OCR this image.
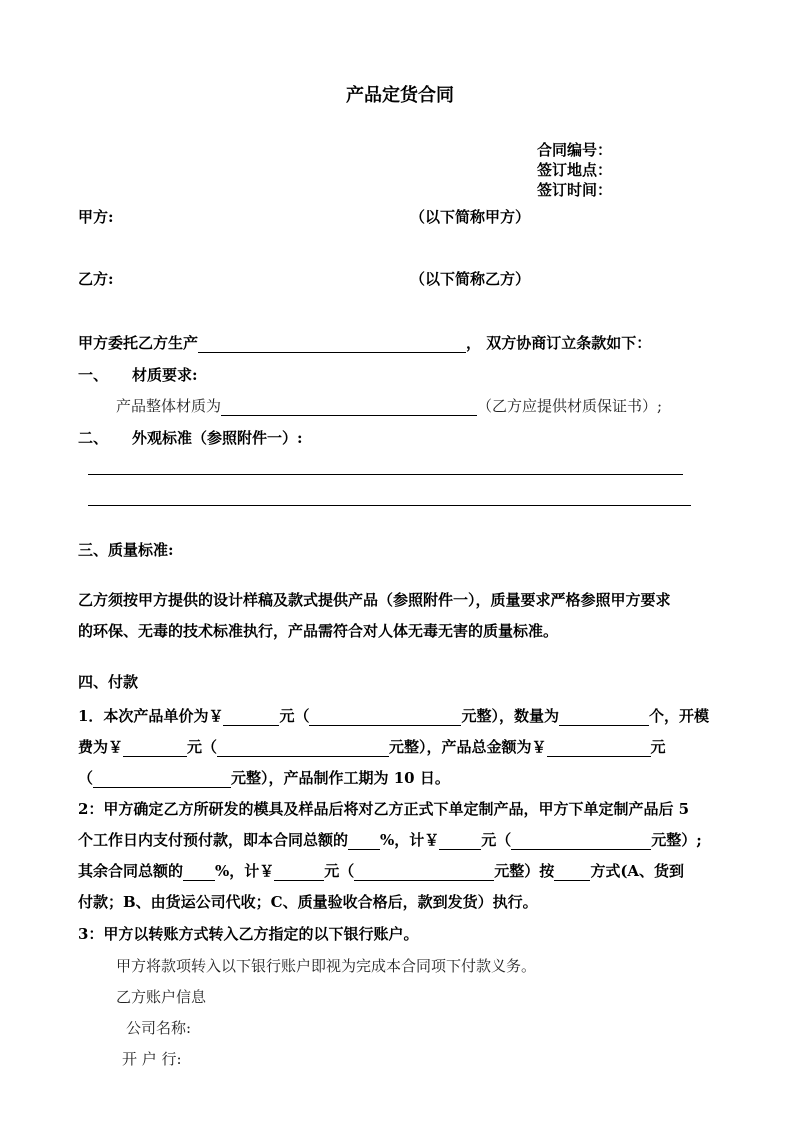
产品定货合同
合同编号：
签订地点：
签订时间：
甲方:	（以下简称甲方）
乙方:	（以下简称乙方）
甲方委托乙方生产	， 双方协商订立条款如下：
一、 材质要求:
产品整体材质为	（乙方应提供材质保证书）;
二、 外观标准（参照附件一）:
三、质量标准:
乙方须按甲方提供的设计样稿及款式提供产品（参照附件一），质量要求严格参照甲方要求
的环保、无毒的技术标准执行，产品需符合对人体无毒无害的质量标准。
四、付款
1．本次产品单价为￥	元（	元整），数量为	个，开模
费为￥	元（	元整），产品总金额为￥	元
（	元整），产品制作工期为 10 日。
2：甲方确定乙方所研发的模具及样品后将对乙方正式下单定制产品，甲方下单定制产品后 5
个工作日内支付预付款，即本合同总额的 %，计￥	元（	元整）;
其余合同总额的 %，计￥	元（	元整）按 方式(A、货到
付款；B、由货运公司代收；C、质量验收合格后，款到发货）执行。
3：甲方以转账方式转入乙方指定的以下银行账户。
甲方将款项转入以下银行账户即视为完成本合同项下付款义务。
乙方账户信息
公司名称:
开 户 行:
